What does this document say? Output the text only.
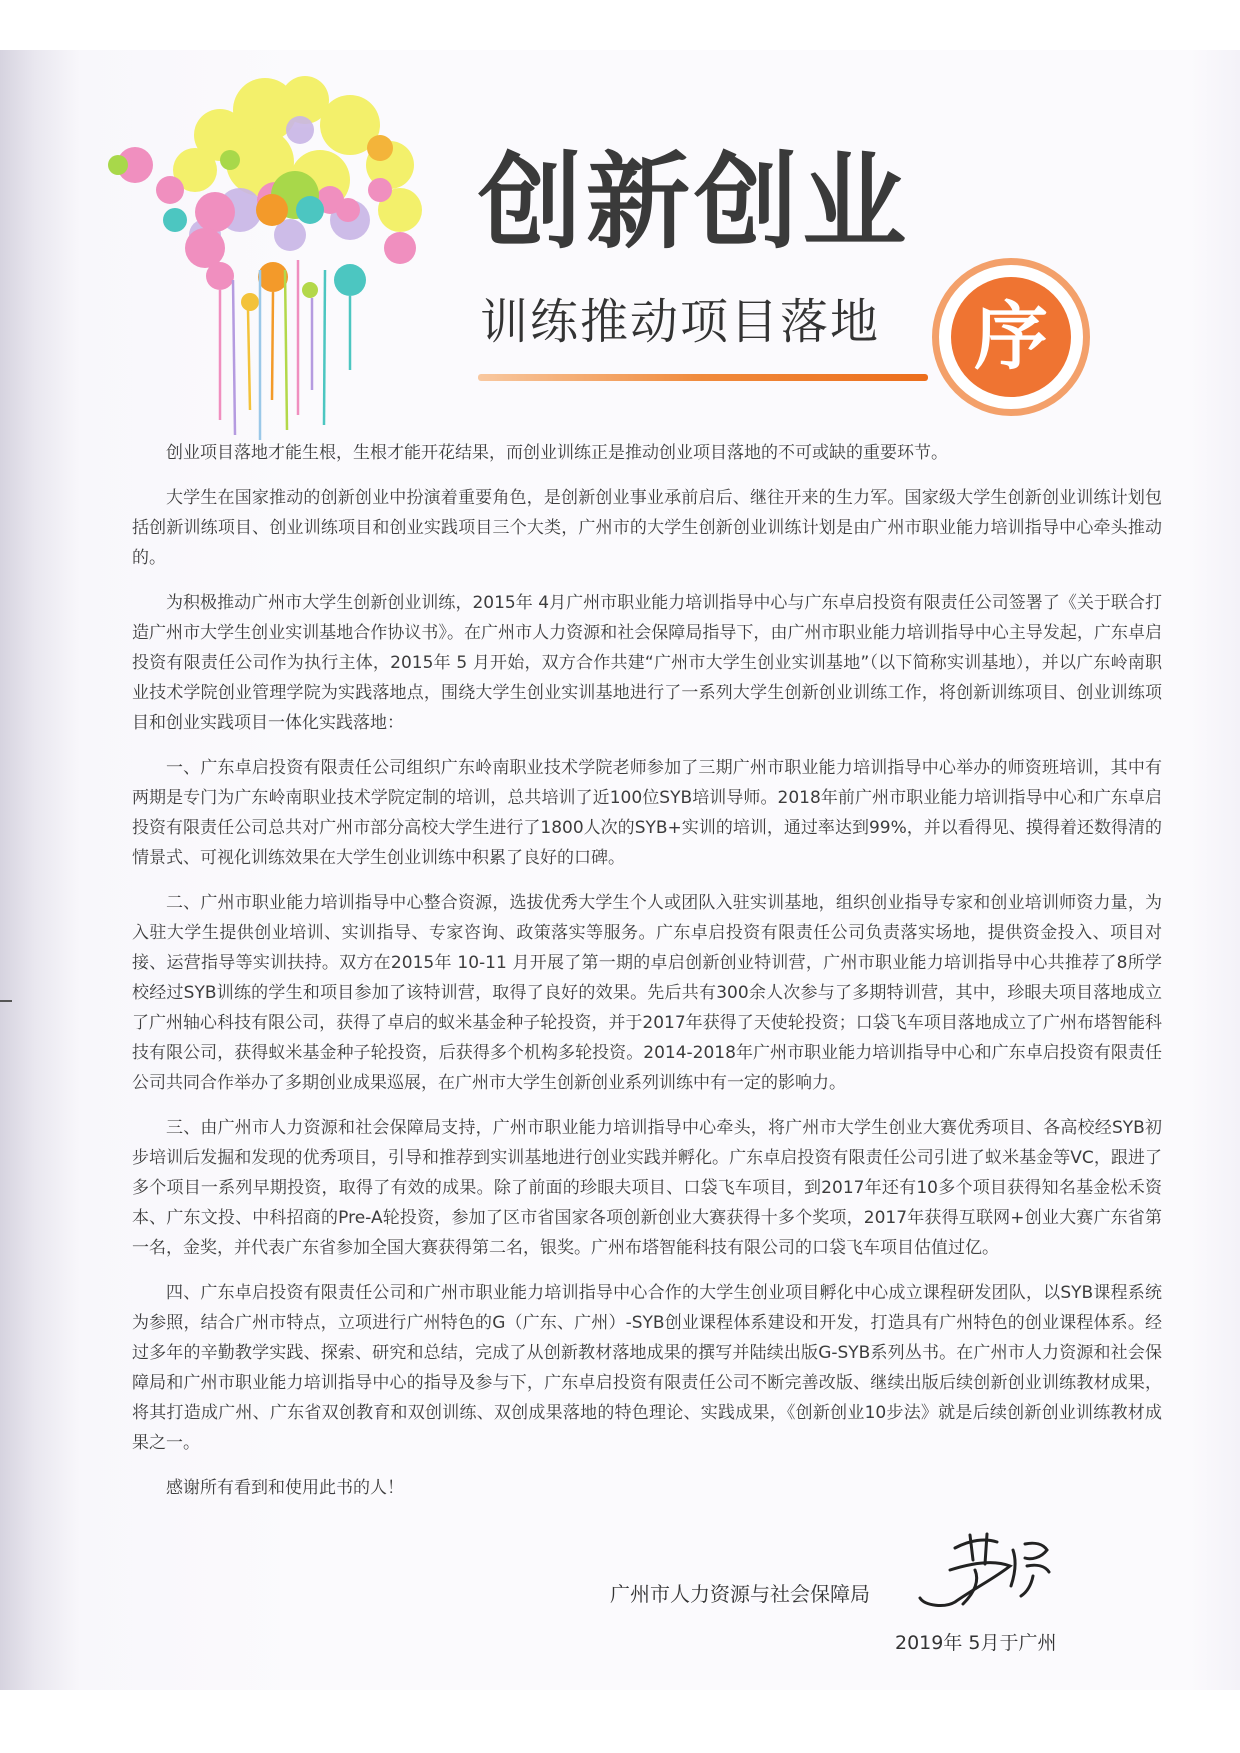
创新创业
训练推动项目落地 序

创业项目落地才能生根，生根才能开花结果，而创业训练正是推动创业项目落地的不可或缺的重要环节。

大学生在国家推动的创新创业中扮演着重要角色，是创新创业事业承前启后、继往开来的生力军。国家级大学生创新创业训练计划包括创新训练项目、创业训练项目和创业实践项目三个大类，广州市的大学生创新创业训练计划是由广州市职业能力培训指导中心牵头推动的。

为积极推动广州市大学生创新创业训练，2015年 4月广州市职业能力培训指导中心与广东卓启投资有限责任公司签署了《关于联合打造广州市大学生创业实训基地合作协议书》。在广州市人力资源和社会保障局指导下，由广州市职业能力培训指导中心主导发起，广东卓启投资有限责任公司作为执行主体，2015年 5 月开始，双方合作共建“广州市大学生创业实训基地”（以下简称实训基地），并以广东岭南职业技术学院创业管理学院为实践落地点，围绕大学生创业实训基地进行了一系列大学生创新创业训练工作，将创新训练项目、创业训练项目和创业实践项目一体化实践落地：

一、广东卓启投资有限责任公司组织广东岭南职业技术学院老师参加了三期广州市职业能力培训指导中心举办的师资班培训，其中有两期是专门为广东岭南职业技术学院定制的培训，总共培训了近100位SYB培训导师。2018年前广州市职业能力培训指导中心和广东卓启投资有限责任公司总共对广州市部分高校大学生进行了1800人次的SYB+实训的培训，通过率达到99%，并以看得见、摸得着还数得清的情景式、可视化训练效果在大学生创业训练中积累了良好的口碑。

二、广州市职业能力培训指导中心整合资源，选拔优秀大学生个人或团队入驻实训基地，组织创业指导专家和创业培训师资力量，为入驻大学生提供创业培训、实训指导、专家咨询、政策落实等服务。广东卓启投资有限责任公司负责落实场地，提供资金投入、项目对接、运营指导等实训扶持。双方在2015年 10-11 月开展了第一期的卓启创新创业特训营，广州市职业能力培训指导中心共推荐了8所学校经过SYB训练的学生和项目参加了该特训营，取得了良好的效果。先后共有300余人次参与了多期特训营，其中，珍眼夫项目落地成立了广州轴心科技有限公司，获得了卓启的蚁米基金种子轮投资，并于2017年获得了天使轮投资；口袋飞车项目落地成立了广州布塔智能科技有限公司，获得蚁米基金种子轮投资，后获得多个机构多轮投资。2014-2018年广州市职业能力培训指导中心和广东卓启投资有限责任公司共同合作举办了多期创业成果巡展，在广州市大学生创新创业系列训练中有一定的影响力。

三、由广州市人力资源和社会保障局支持，广州市职业能力培训指导中心牵头，将广州市大学生创业大赛优秀项目、各高校经SYB初步培训后发掘和发现的优秀项目，引导和推荐到实训基地进行创业实践并孵化。广东卓启投资有限责任公司引进了蚁米基金等VC，跟进了多个项目一系列早期投资，取得了有效的成果。除了前面的珍眼夫项目、口袋飞车项目，到2017年还有10多个项目获得知名基金松禾资本、广东文投、中科招商的Pre-A轮投资，参加了区市省国家各项创新创业大赛获得十多个奖项，2017年获得互联网+创业大赛广东省第一名，金奖，并代表广东省参加全国大赛获得第二名，银奖。广州布塔智能科技有限公司的口袋飞车项目估值过亿。

四、广东卓启投资有限责任公司和广州市职业能力培训指导中心合作的大学生创业项目孵化中心成立课程研发团队，以SYB课程系统为参照，结合广州市特点，立项进行广州特色的G（广东、广州）-SYB创业课程体系建设和开发，打造具有广州特色的创业课程体系。经过多年的辛勤教学实践、探索、研究和总结，完成了从创新教材落地成果的撰写并陆续出版G-SYB系列丛书。在广州市人力资源和社会保障局和广州市职业能力培训指导中心的指导及参与下，广东卓启投资有限责任公司不断完善改版、继续出版后续创新创业训练教材成果，将其打造成广州、广东省双创教育和双创训练、双创成果落地的特色理论、实践成果，《创新创业10步法》就是后续创新创业训练教材成果之一。

感谢所有看到和使用此书的人！

广州市人力资源与社会保障局
2019年 5月于广州
